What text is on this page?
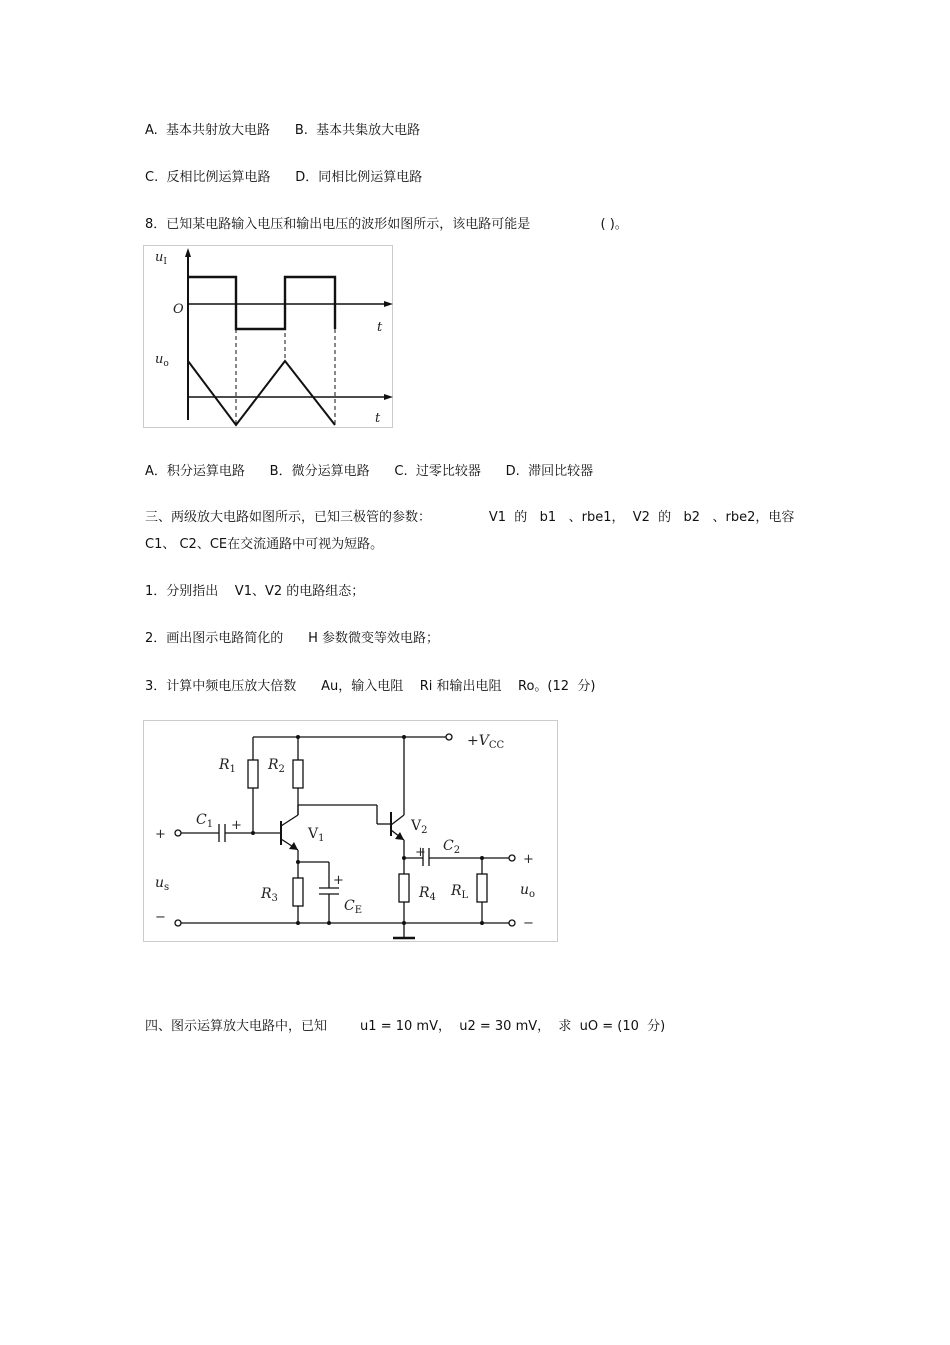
A.  基本共射放大电路      B.  基本共集放大电路

C.  反相比例运算电路      D．同相比例运算电路

8．已知某电路输入电压和输出电压的波形如图所示，该电路可能是                 ( )。

$u_I$
O
t
$u_o$
t

A．积分运算电路      B．微分运算电路      C.  过零比较器      D.  滞回比较器

三、两级放大电路如图所示，已知三极管的参数：              V1  的   b1   、rbe1，  V2  的   b2   、rbe2，电容

C1、 C2、CE在交流通路中可视为短路。

1．分别指出    V1、V2 的电路组态；

2．画出图示电路简化的      H 参数微变等效电路；

3．计算中频电压放大倍数      Au，输入电阻    Ri 和输出电阻    Ro。(12  分)

$+V_{CC}$
$R_1$ $R_2$
$R_3$	$R_4$ $R_L$
$C_1$ +
$C_2$
+
$C_E$
+
$V_1$
$V_2$
+
$u_s$
−
+
$u_o$
−

四、图示运算放大电路中，已知        u1 = 10 mV，  u2 = 30 mV，  求  uO = (10  分)
